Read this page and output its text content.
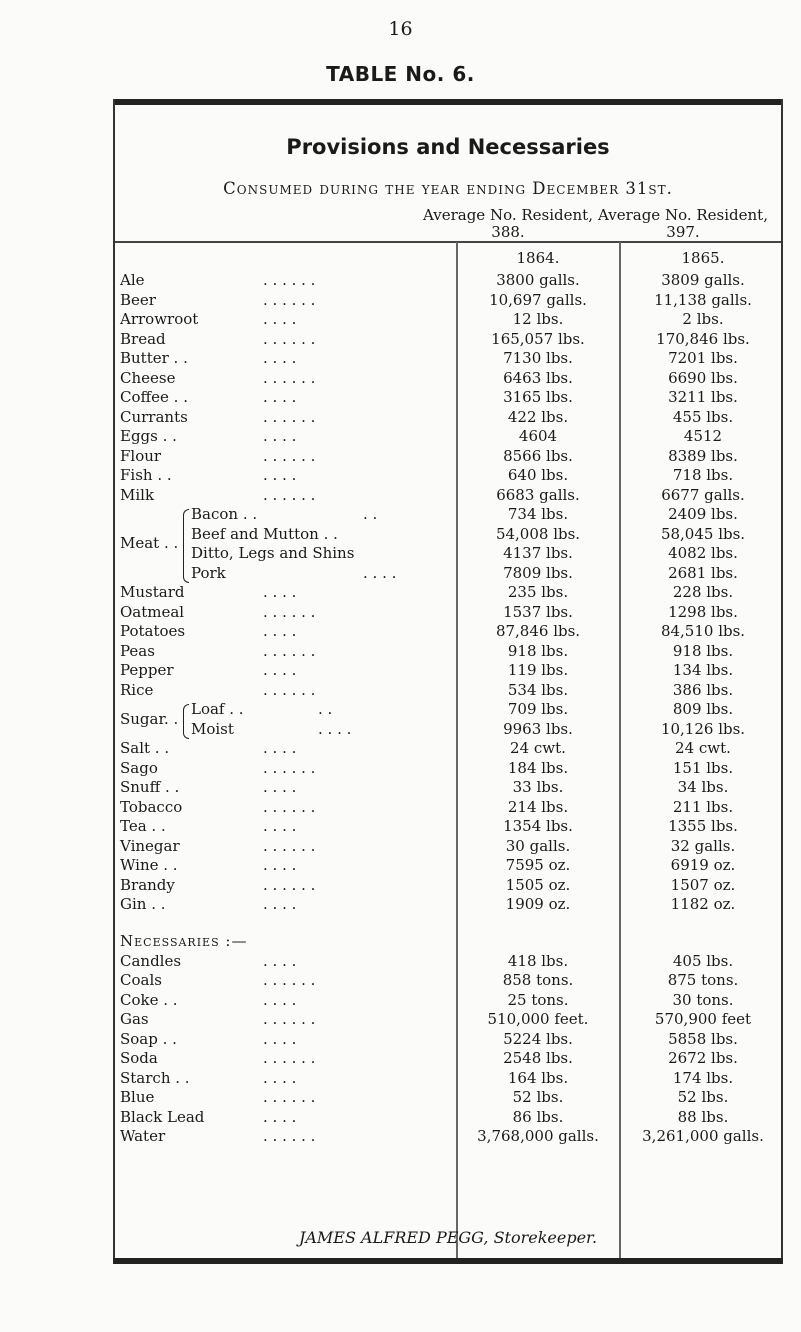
16
TABLE No. 6.
Provisions and Necessaries
Consumed during the year ending December 31st.
Average No. Resident,
388.
Average No. Resident,
397.
1864.	1865.
Ale	. . . . . .	3800 galls.	3809 galls.
Beer	. . . . . .	10,697 galls.	11,138 galls.
Arrowroot	. . . .	12 lbs.	2 lbs.
Bread	. . . . . .	165,057 lbs.	170,846 lbs.
Butter . .	. . . .	7130 lbs.	7201 lbs.
Cheese	. . . . . .	6463 lbs.	6690 lbs.
Coffee . .	. . . .	3165 lbs.	3211 lbs.
Currants	. . . . . .	422 lbs.	455 lbs.
Eggs . .	. . . .	4604	4512
Flour	. . . . . .	8566 lbs.	8389 lbs.
Fish . .	. . . .	640 lbs.	718 lbs.
Milk	. . . . . .	6683 galls.	6677 galls.
Bacon . .	. .	734 lbs.	2409 lbs.
Beef and Mutton . .	54,008 lbs.	58,045 lbs.
Ditto, Legs and Shins	4137 lbs.	4082 lbs.
Pork	. . . .	7809 lbs.	2681 lbs.
Meat . .
Mustard	. . . .	235 lbs.	228 lbs.
Oatmeal	. . . . . .	1537 lbs.	1298 lbs.
Potatoes	. . . .	87,846 lbs.	84,510 lbs.
Peas	. . . . . .	918 lbs.	918 lbs.
Pepper	. . . .	119 lbs.	134 lbs.
Rice	. . . . . .	534 lbs.	386 lbs.
Loaf . .	. .	709 lbs.	809 lbs.
Moist	. . . .	9963 lbs.	10,126 lbs.
Sugar. .
Salt . .	. . . .	24 cwt.	24 cwt.
Sago	. . . . . .	184 lbs.	151 lbs.
Snuff . .	. . . .	33 lbs.	34 lbs.
Tobacco	. . . . . .	214 lbs.	211 lbs.
Tea . .	. . . .	1354 lbs.	1355 lbs.
Vinegar	. . . . . .	30 galls.	32 galls.
Wine . .	. . . .	7595 oz.	6919 oz.
Brandy	. . . . . .	1505 oz.	1507 oz.
Gin . .	. . . .	1909 oz.	1182 oz.
Necessaries :—
Candles	. . . .	418 lbs.	405 lbs.
Coals	. . . . . .	858 tons.	875 tons.
Coke . .	. . . .	25 tons.	30 tons.
Gas	. . . . . .	510,000 feet.	570,900 feet
Soap . .	. . . .	5224 lbs.	5858 lbs.
Soda	. . . . . .	2548 lbs.	2672 lbs.
Starch . .	. . . .	164 lbs.	174 lbs.
Blue	. . . . . .	52 lbs.	52 lbs.
Black Lead	. . . .	86 lbs.	88 lbs.
Water	. . . . . .	3,768,000 galls.	3,261,000 galls.
JAMES ALFRED PEGG, Storekeeper.
